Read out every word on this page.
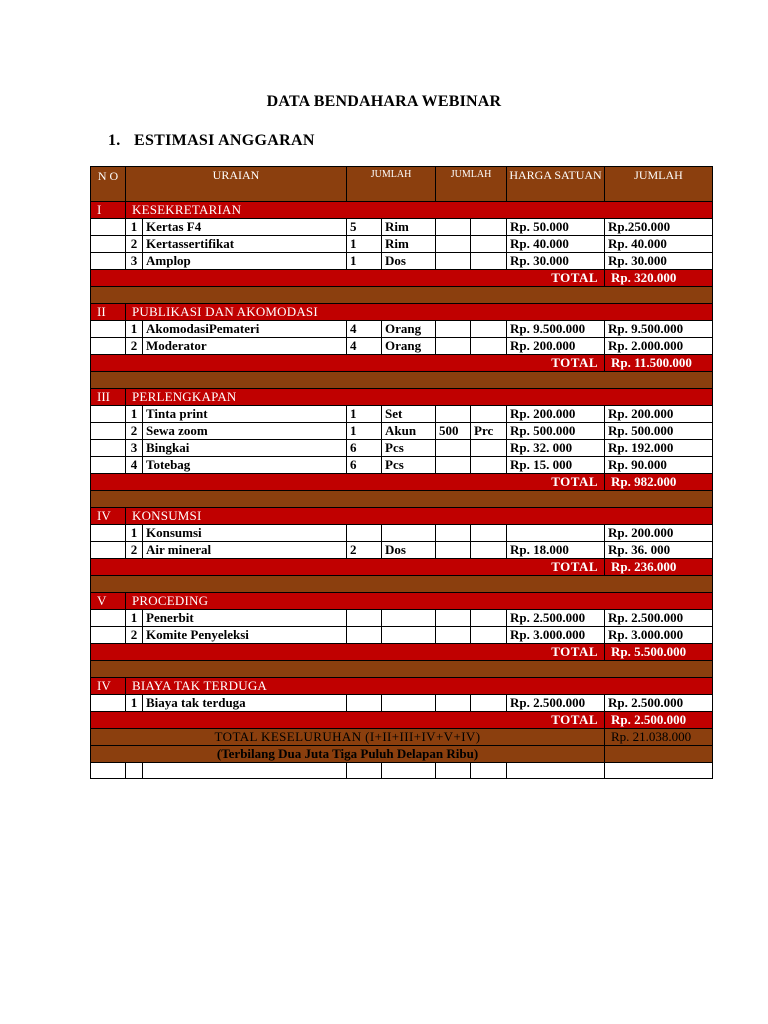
DATA BENDAHARA WEBINAR
1. ESTIMASI ANGGARAN
N O	URAIAN		JUMLAH		JUMLAH		HARGA SATUAN	JUMLAH
I	KESEKRETARIAN							
	1	Kertas F4	5	Rim			Rp. 50.000	Rp.250.000
	2	Kertassertifikat	1	Rim			Rp. 40.000	Rp. 40.000
	3	Amplop	1	Dos			Rp. 30.000	Rp. 30.000
TOTAL								Rp. 320.000

II	PUBLIKASI DAN AKOMODASI							
	1	AkomodasiPemateri	4	Orang			Rp. 9.500.000	Rp. 9.500.000
	2	Moderator	4	Orang			Rp. 200.000	Rp. 2.000.000
TOTAL								Rp. 11.500.000

III	PERLENGKAPAN							
	1	Tinta print	1	Set			Rp. 200.000	Rp. 200.000
	2	Sewa zoom	1	Akun	500	Prc	Rp. 500.000	Rp. 500.000
	3	Bingkai	6	Pcs			Rp. 32. 000	Rp. 192.000
	4	Totebag	6	Pcs			Rp. 15. 000	Rp. 90.000
TOTAL								Rp. 982.000

IV	KONSUMSI							
	1	Konsumsi						Rp. 200.000
	2	Air mineral	2	Dos			Rp. 18.000	Rp. 36. 000
TOTAL								Rp. 236.000

V	PROCEDING							
	1	Penerbit					Rp. 2.500.000	Rp. 2.500.000
	2	Komite Penyeleksi					Rp. 3.000.000	Rp. 3.000.000
TOTAL								Rp. 5.500.000

IV	BIAYA TAK TERDUGA							
	1	Biaya tak terduga					Rp. 2.500.000	Rp. 2.500.000
TOTAL								Rp. 2.500.000
TOTAL KESELURUHAN (I+II+III+IV+V+IV)								Rp. 21.038.000
(Terbilang Dua Juta Tiga Puluh Delapan Ribu)								
